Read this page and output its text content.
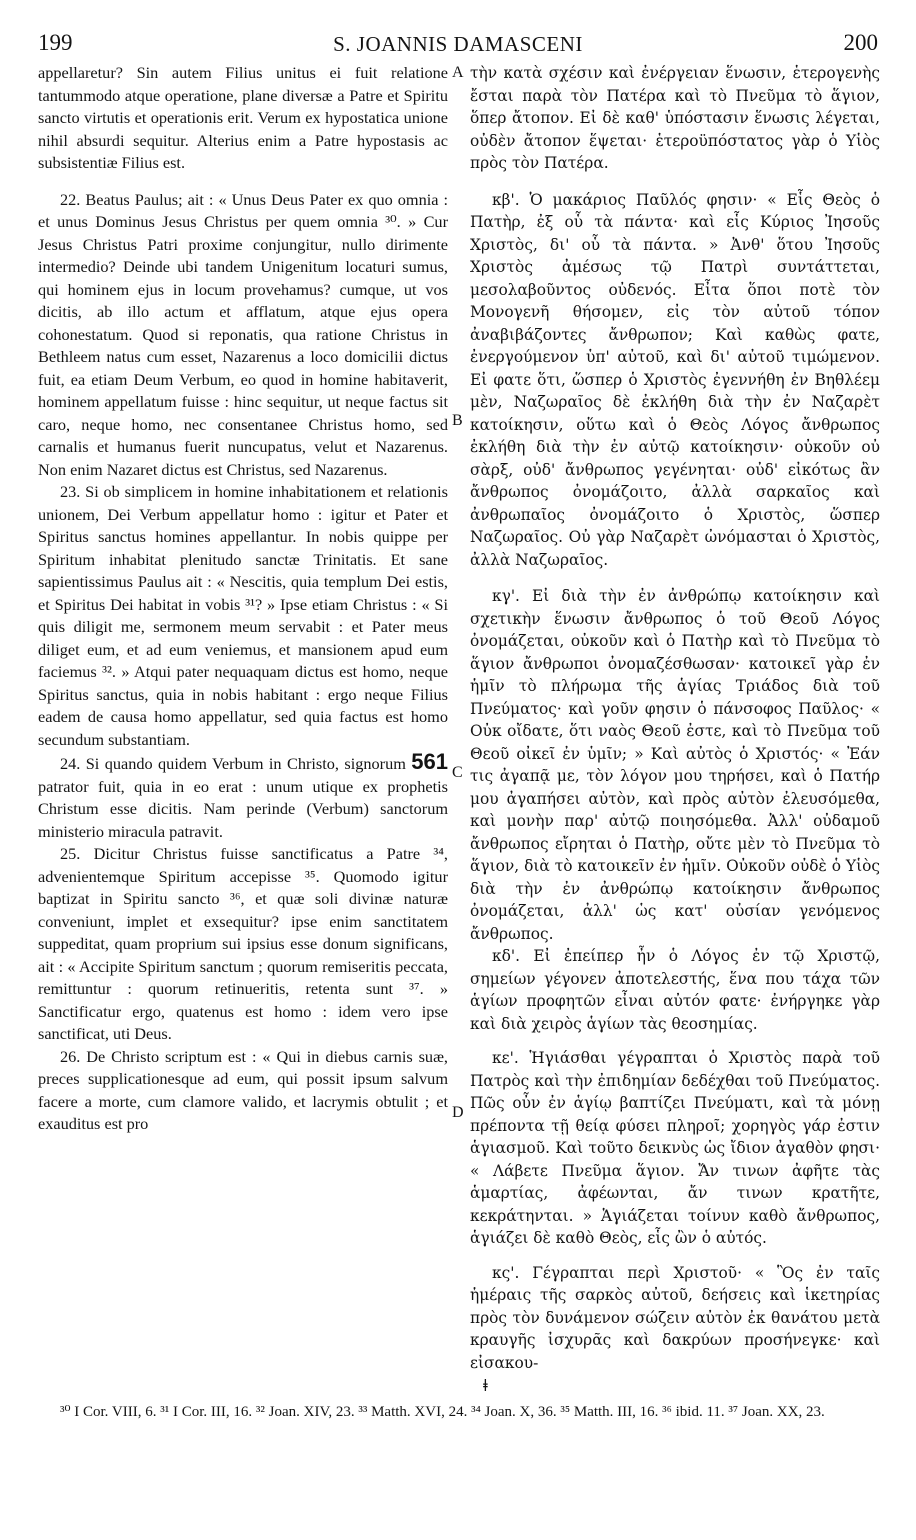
199	S. JOANNIS DAMASCENI	200

appellaretur? Sin autem Filius unitus ei fuit relatione tantummodo atque operatione, plane diversæ a Patre et Spiritu sancto virtutis et operationis erit. Verum ex hypostatica unione nihil absurdi sequitur. Alterius enim a Patre hypostasis ac subsistentiæ Filius est.

22. Beatus Paulus; ait : « Unus Deus Pater ex quo omnia : et unus Dominus Jesus Christus per quem omnia ³⁰. » Cur Jesus Christus Patri proxime conjungitur, nullo dirimente intermedio? Deinde ubi tandem Unigenitum locaturi sumus, qui hominem ejus in locum provehamus? cumque, ut vos dicitis, ab illo actum et afflatum, atque ejus opera cohonestatum. Quod si reponatis, qua ratione Christus in Bethleem natus cum esset, Nazarenus a loco domicilii dictus fuit, ea etiam Deum Verbum, eo quod in homine habitaverit, hominem appellatum fuisse : hinc sequitur, ut neque factus sit caro, neque homo, nec consentanee Christus homo, sed carnalis et humanus fuerit nuncupatus, velut et Nazarenus. Non enim Nazaret dictus est Christus, sed Nazarenus.

23. Si ob simplicem in homine inhabitationem et relationis unionem, Dei Verbum appellatur homo : igitur et Pater et Spiritus sanctus homines appellantur. In nobis quippe per Spiritum inhabitat plenitudo sanctæ Trinitatis. Et sane sapientissimus Paulus ait : « Nescitis, quia templum Dei estis, et Spiritus Dei habitat in vobis ³¹? » Ipse etiam Christus : « Si quis diligit me, sermonem meum servabit : et Pater meus diliget eum, et ad eum veniemus, et mansionem apud eum faciemus ³². » Atqui pater nequaquam dictus est homo, neque Spiritus sanctus, quia in nobis habitant : ergo neque Filius eadem de causa homo appellatur, sed quia factus est homo secundum substantiam.

24. Si quando quidem Verbum in Christo, signorum 561 patrator fuit, quia in eo erat : unum utique ex prophetis Christum esse dicitis. Nam perinde (Verbum) sanctorum ministerio miracula patravit.

25. Dicitur Christus fuisse sanctificatus a Patre ³⁴, advenientemque Spiritum accepisse ³⁵. Quomodo igitur baptizat in Spiritu sancto ³⁶, et quæ soli divinæ naturæ conveniunt, implet et exsequitur? ipse enim sanctitatem suppeditat, quam proprium sui ipsius esse donum significans, ait : « Accipite Spiritum sanctum ; quorum remiseritis peccata, remittuntur : quorum retinueritis, retenta sunt ³⁷. » Sanctificatur ergo, quatenus est homo : idem vero ipse sanctificat, uti Deus.

26. De Christo scriptum est : « Qui in diebus carnis suæ, preces supplicationesque ad eum, qui possit ipsum salvum facere a morte, cum clamore valido, et lacrymis obtulit ; et exauditus est pro

A
B
C
D

τὴν κατὰ σχέσιν καὶ ἐνέργειαν ἕνωσιν, ἑτερογενὴς ἔσται παρὰ τὸν Πατέρα καὶ τὸ Πνεῦμα τὸ ἅγιον, ὅπερ ἄτοπον. Εἰ δὲ καθ' ὑπόστασιν ἕνωσις λέγεται, οὐδὲν ἄτοπον ἕψεται· ἑτεροϋπόστατος γὰρ ὁ Υἱὸς πρὸς τὸν Πατέρα.

κβ'. Ὁ μακάριος Παῦλός φησιν· « Εἷς Θεὸς ὁ Πατὴρ, ἐξ οὗ τὰ πάντα· καὶ εἷς Κύριος Ἰησοῦς Χριστὸς, δι' οὗ τὰ πάντα. » Ἀνθ' ὅτου Ἰησοῦς Χριστὸς ἀμέσως τῷ Πατρὶ συντάττεται, μεσολαβοῦντος οὐδενός. Εἶτα ὅποι ποτὲ τὸν Μονογενῆ θήσομεν, εἰς τὸν αὐτοῦ τόπον ἀναβιβάζοντες ἄνθρωπον; Καὶ καθὼς φατε, ἐνεργούμενον ὑπ' αὐτοῦ, καὶ δι' αὐτοῦ τιμώμενον. Εἰ φατε ὅτι, ὥσπερ ὁ Χριστὸς ἐγεννήθη ἐν Βηθλέεμ μὲν, Ναζωραῖος δὲ ἐκλήθη διὰ τὴν ἐν Ναζαρὲτ κατοίκησιν, οὕτω καὶ ὁ Θεὸς Λόγος ἄνθρωπος ἐκλήθη διὰ τὴν ἐν αὐτῷ κατοίκησιν· οὐκοῦν οὐ σὰρξ, οὐδ' ἄνθρωπος γεγένηται· οὐδ' εἰκότως ἂν ἄνθρωπος ὀνομάζοιτο, ἀλλὰ σαρκαῖος καὶ ἀνθρωπαῖος ὀνομάζοιτο ὁ Χριστὸς, ὥσπερ Ναζωραῖος. Οὐ γὰρ Ναζαρὲτ ὠνόμασται ὁ Χριστὸς, ἀλλὰ Ναζωραῖος.

κγ'. Εἰ διὰ τὴν ἐν ἀνθρώπῳ κατοίκησιν καὶ σχετικὴν ἕνωσιν ἄνθρωπος ὁ τοῦ Θεοῦ Λόγος ὀνομάζεται, οὐκοῦν καὶ ὁ Πατὴρ καὶ τὸ Πνεῦμα τὸ ἅγιον ἄνθρωποι ὀνομαζέσθωσαν· κατοικεῖ γὰρ ἐν ἡμῖν τὸ πλήρωμα τῆς ἁγίας Τριάδος διὰ τοῦ Πνεύματος· καὶ γοῦν φησιν ὁ πάνσοφος Παῦλος· « Οὐκ οἴδατε, ὅτι ναὸς Θεοῦ ἐστε, καὶ τὸ Πνεῦμα τοῦ Θεοῦ οἰκεῖ ἐν ὑμῖν; » Καὶ αὐτὸς ὁ Χριστός· « Ἐάν τις ἀγαπᾷ με, τὸν λόγον μου τηρήσει, καὶ ὁ Πατήρ μου ἀγαπήσει αὐτὸν, καὶ πρὸς αὐτὸν ἐλευσόμεθα, καὶ μονὴν παρ' αὐτῷ ποιησόμεθα. Ἀλλ' οὐδαμοῦ ἄνθρωπος εἴρηται ὁ Πατὴρ, οὔτε μὲν τὸ Πνεῦμα τὸ ἅγιον, διὰ τὸ κατοικεῖν ἐν ἡμῖν. Οὐκοῦν οὐδὲ ὁ Υἱὸς διὰ τὴν ἐν ἀνθρώπῳ κατοίκησιν ἄνθρωπος ὀνομάζεται, ἀλλ' ὡς κατ' οὐσίαν γενόμενος ἄνθρωπος.

κδ'. Εἰ ἐπείπερ ἦν ὁ Λόγος ἐν τῷ Χριστῷ, σημείων γέγονεν ἀποτελεστής, ἕνα που τάχα τῶν ἁγίων προφητῶν εἶναι αὐτόν φατε· ἐνήργηκε γὰρ καὶ διὰ χειρὸς ἁγίων τὰς θεοσημίας.

κε'. Ἡγιάσθαι γέγραπται ὁ Χριστὸς παρὰ τοῦ Πατρὸς καὶ τὴν ἐπιδημίαν δεδέχθαι τοῦ Πνεύματος. Πῶς οὖν ἐν ἁγίῳ βαπτίζει Πνεύματι, καὶ τὰ μόνῃ πρέποντα τῇ θείᾳ φύσει πληροῖ; χορηγὸς γάρ ἐστιν ἁγιασμοῦ. Καὶ τοῦτο δεικνὺς ὡς ἴδιον ἀγαθὸν φησι· « Λάβετε Πνεῦμα ἅγιον. Ἄν τινων ἀφῆτε τὰς ἁμαρτίας, ἀφέωνται, ἄν τινων κρατῆτε, κεκράτηνται. » Ἁγιάζεται τοίνυν καθὸ ἄνθρωπος, ἁγιάζει δὲ καθὸ Θεὸς, εἷς ὢν ὁ αὐτός.

κς'. Γέγραπται περὶ Χριστοῦ· « Ὃς ἐν ταῖς ἡμέραις τῆς σαρκὸς αὐτοῦ, δεήσεις καὶ ἱκετηρίας πρὸς τὸν δυνάμενον σώζειν αὐτὸν ἐκ θανάτου μετὰ κραυγῆς ἰσχυρᾶς καὶ δακρύων προσήνεγκε· καὶ εἰσακου-

ǂ
³⁰ I Cor. VIII, 6. ³¹ I Cor. III, 16. ³² Joan. XIV, 23. ³³ Matth. XVI, 24. ³⁴ Joan. X, 36. ³⁵ Matth. III, 16. ³⁶ ibid. 11. ³⁷ Joan. XX, 23.
